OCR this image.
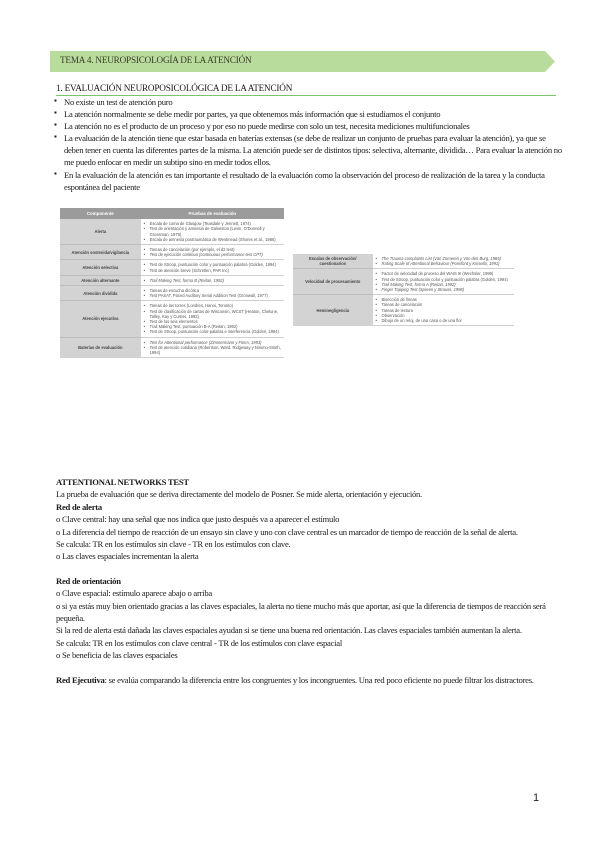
TEMA 4. NEUROPSICOLOGÍA DE LA ATENCIÓN
1. EVALUACIÓN NEUROPOSICOLÓGICA DE LA ATENCIÓN
▪ No existe un test de atención puro
▪ La atención normalmente se debe medir por partes, ya que obtenemos más información que si estudiamos el conjunto
▪ La atención no es el producto de un proceso y por eso no puede medirse con solo un test, necesita mediciones multifuncionales
▪ La evaluación de la atención tiene que estar basada en baterías extensas (se debe de realizar un conjunto de pruebas para evaluar la atención), ya que se deben tener en cuenta las diferentes partes de la misma. La atención puede ser de distintos tipos: selectiva, alternante, dividida… Para evaluar la atención no me puedo enfocar en medir un subtipo sino en medir todos ellos.
▪ En la evaluación de la atención es tan importante el resultado de la evaluación como la observación del proceso de realización de la tarea y la conducta espontánea del paciente
Componente	Pruebas de evaluación
Alerta	• Escala de coma de Glasgow (Teasdale y Jennett, 1974)
• Test de orientación y amnesia de Galveston (Levin, O'Donnell y Grossman, 1979)
• Escala de amnesia postraumática de Westmead (Shores et al., 1986)

Atención sostenida/vigilancia	• Tareas de cancelación (por ejemplo, el d2 test)
• Test de ejecución continua (continuous performance test CPT)

Atención selectiva	• Test de Stroop, puntuación color y puntuación palabra (Golden, 1994)
• Test de atención breve (Schretlen, PAR Inc)

Atención alternante	• Trail Making Test, forma B (Reitan, 1992)

Atención dividida	• Tareas de escucha dicótica
• Test PASAT, Paced Auditory Serial Addition Test (Gronwall, 1977)

Atención ejecutiva	• Tareas de las torres (Londres, Hanoi, Toronto)
• Test de clasificación de cartas de Wisconsin, WCST (Heaton, Chelune, Talley, Kay y Curtiss, 1993)
• Test de los seis elementos
• Trail Making Test, puntuación B-A (Reitan, 1992)
• Test de Stroop, puntuación color-palabra e interferencia (Golden, 1994)

Baterías de evaluación	• Test for Attentional performance (Zimmermann y Fimm, 1993)
• Test de atención cotidiana (Robertson, Ward, Ridgeway y Nimmo-Smith, 1994)
Escalas de observación/ cuestionarios	• The Trauma complaints List (Van Zomeren y Van den Burg, 1985)
• Rating Scale of Attentional Behaviour (Ponsford y Kinsella, 1991)

Velocidad de procesamiento	• Factor de velocidad de proceso del WAIS III (Wechsler, 1999)
• Test de Stroop, puntuación color y puntuación palabra (Golden, 1994)
• Trail Making Test, forma A (Reitan, 1992)
• Finger Tapping Test (Spreen y Strauss, 1998)

Heminegligencia	• Bisección de líneas
• Tareas de cancelación
• Tareas de lectura
• Observación
• Dibujo de un reloj, de una casa o de una flor
ATTENTIONAL NETWORKS TEST
La prueba de evaluación que se deriva directamente del modelo de Posner. Se mide alerta, orientación y ejecución.
Red de alerta
o Clave central: hay una señal que nos indica que justo después va a aparecer el estímulo
o La diferencia del tiempo de reacción de un ensayo sin clave y uno con clave central es un marcador de tiempo de reacción de la señal de alerta.
Se calcula: TR en los estímulos sin clave - TR en los estímulos con clave.
o Las claves espaciales incrementan la alerta
Red de orientación
o Clave espacial: estímulo aparece abajo o arriba
o si ya estás muy bien orientado gracias a las claves espaciales, la alerta no tiene mucho más que aportar, así que la diferencia de tiempos de reacción será pequeña.
Si la red de alerta está dañada las claves espaciales ayudan si se tiene una buena red orientación. Las claves espaciales también aumentan la alerta.
Se calcula: TR en los estímulos con clave central - TR de los estímulos con clave espacial
o Se beneficia de las claves espaciales
Red Ejecutiva: se evalúa comparando la diferencia entre los congruentes y los incongruentes. Una red poco eficiente no puede filtrar los distractores.
1
